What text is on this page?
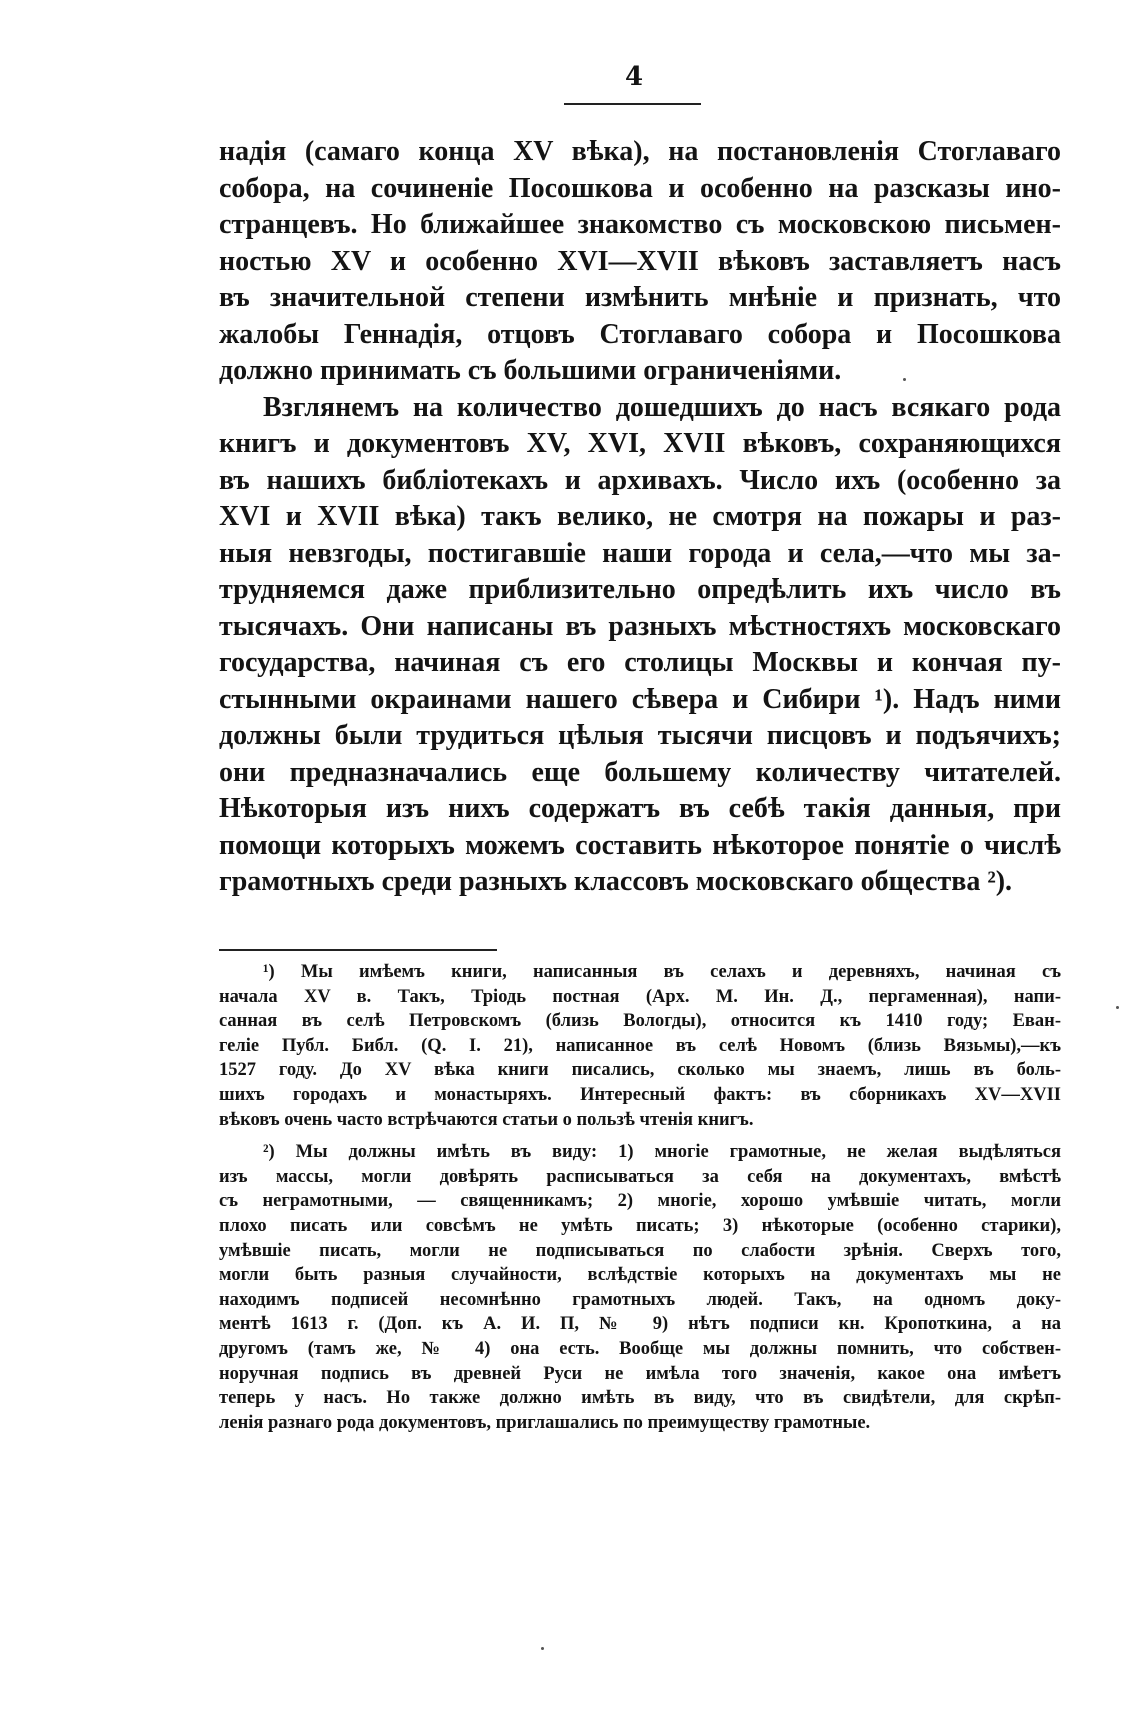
4
надія (самаго конца XV вѣка), на постановленія Стоглаваго
собора, на сочиненіе Посошкова и особенно на разсказы ино-
странцевъ. Но ближайшее знакомство съ московскою письмен-
ностью XV и особенно XVI—XVII вѣковъ заставляетъ насъ
въ значительной степени измѣнить мнѣніе и признать, что
жалобы Геннадія, отцовъ Стоглаваго собора и Посошкова
должно принимать съ большими ограниченіями.
Взглянемъ на количество дошедшихъ до насъ всякаго рода
книгъ и документовъ XV, XVI, XVII вѣковъ, сохраняющихся
въ нашихъ библіотекахъ и архивахъ. Число ихъ (особенно за
XVI и XVII вѣка) такъ велико, не смотря на пожары и раз-
ныя невзгоды, постигавшіе наши города и села,—что мы за-
трудняемся даже приблизительно опредѣлить ихъ число въ
тысячахъ. Они написаны въ разныхъ мѣстностяхъ московскаго
государства, начиная съ его столицы Москвы и кончая пу-
стынными окраинами нашего сѣвера и Сибири ¹). Надъ ними
должны были трудиться цѣлыя тысячи писцовъ и подъячихъ;
они предназначались еще большему количеству читателей.
Нѣкоторыя изъ нихъ содержатъ въ себѣ такія данныя, при
помощи которыхъ можемъ составить нѣкоторое понятіе о числѣ
грамотныхъ среди разныхъ классовъ московскаго общества ²).
¹) Мы имѣемъ книги, написанныя въ селахъ и деревняхъ, начиная съ
начала XV в. Такъ, Тріодь постная (Арх. М. Ин. Д., пергаменная), напи-
санная въ селѣ Петровскомъ (близь Вологды), относится къ 1410 году; Еван-
геліе Публ. Библ. (Q. I. 21), написанное въ селѣ Новомъ (близь Вязьмы),—къ
1527 году. До XV вѣка книги писались, сколько мы знаемъ, лишь въ боль-
шихъ городахъ и монастыряхъ. Интересный фактъ: въ сборникахъ XV—XVII
вѣковъ очень часто встрѣчаются статьи о пользѣ чтенія книгъ.
²) Мы должны имѣть въ виду: 1) многіе грамотные, не желая выдѣляться
изъ массы, могли довѣрять расписываться за себя на документахъ, вмѣстѣ
съ неграмотными, — священникамъ; 2) многіе, хорошо умѣвшіе читать, могли
плохо писать или совсѣмъ не умѣть писать; 3) нѣкоторые (особенно старики),
умѣвшіе писать, могли не подписываться по слабости зрѣнія. Сверхъ того,
могли быть разныя случайности, вслѣдствіе которыхъ на документахъ мы не
находимъ подписей несомнѣнно грамотныхъ людей. Такъ, на одномъ доку-
ментѣ 1613 г. (Доп. къ А. И. П, № 9) нѣтъ подписи кн. Кропоткина, а на
другомъ (тамъ же, № 4) она есть. Вообще мы должны помнить, что собствен-
норучная подпись въ древней Руси не имѣла того значенія, какое она имѣетъ
теперь у насъ. Но также должно имѣть въ виду, что въ свидѣтели, для скрѣп-
ленія разнаго рода документовъ, приглашались по преимуществу грамотные.
